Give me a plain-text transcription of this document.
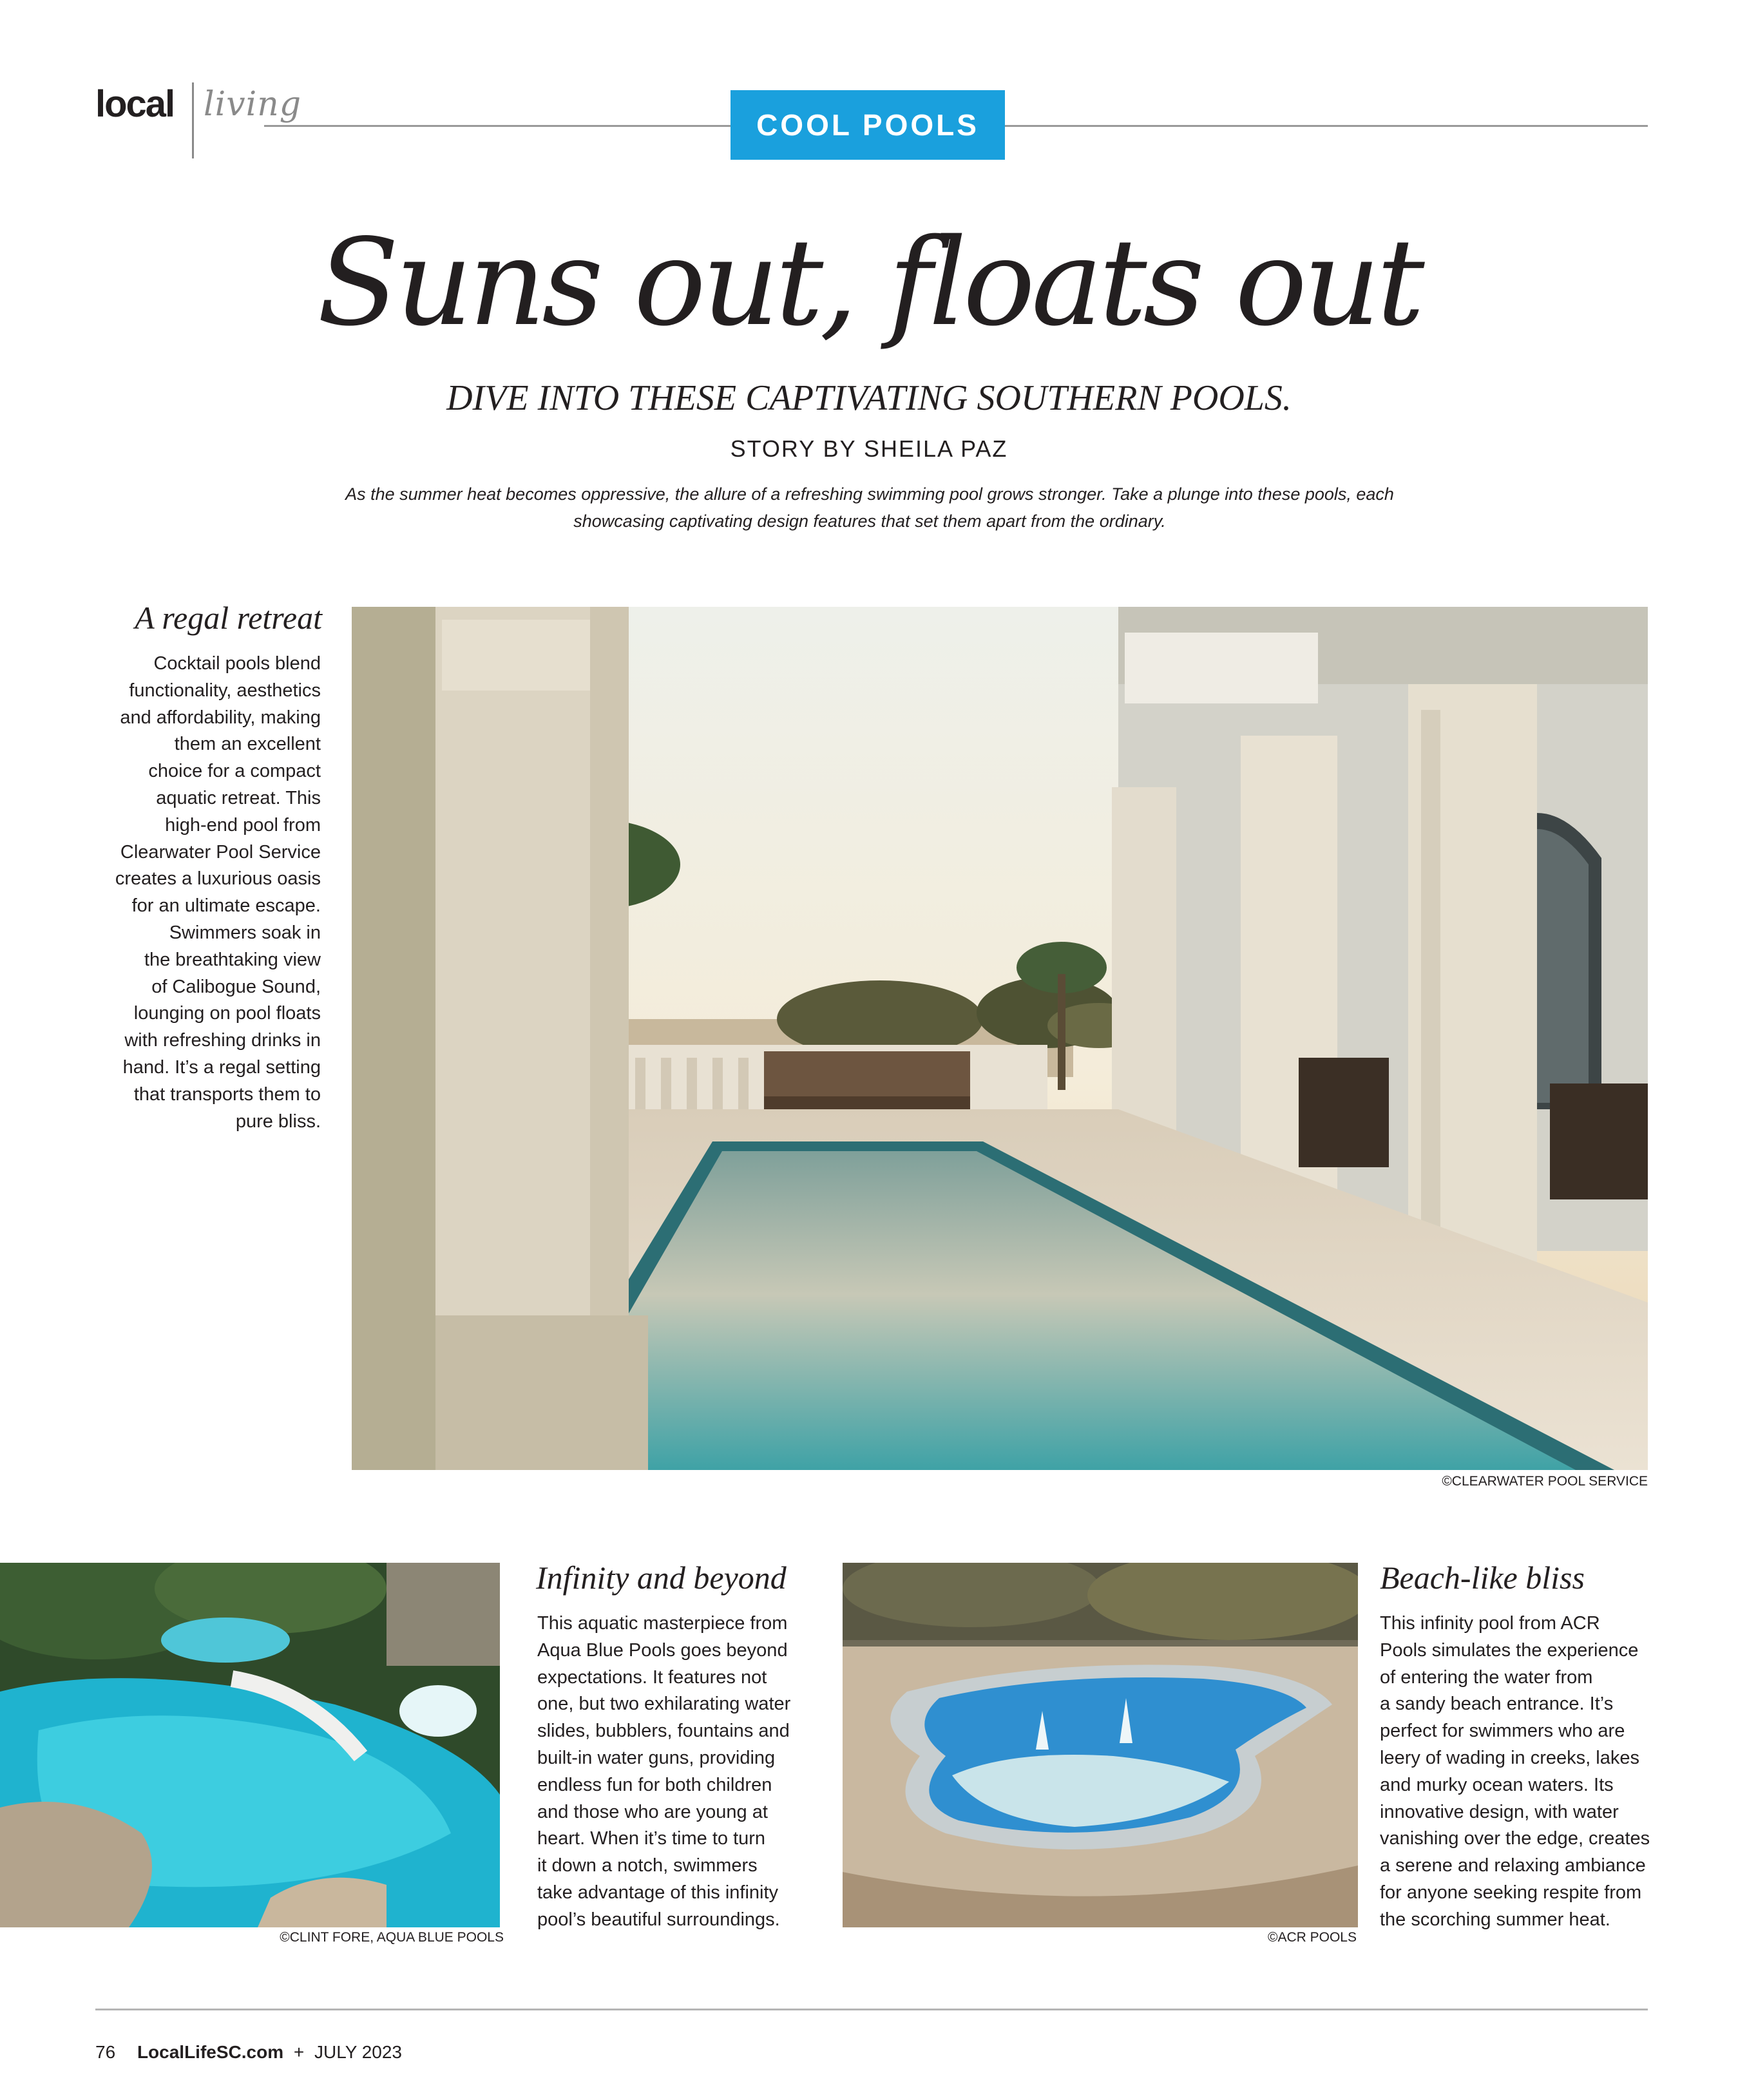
local living
COOL POOLS
Suns out, floats out
DIVE INTO THESE CAPTIVATING SOUTHERN POOLS.
STORY BY SHEILA PAZ
As the summer heat becomes oppressive, the allure of a refreshing swimming pool grows stronger. Take a plunge into these pools, each showcasing captivating design features that set them apart from the ordinary.
A regal retreat
Cocktail pools blend
functionality, aesthetics
and affordability, making
them an excellent
choice for a compact
aquatic retreat. This
high-end pool from
Clearwater Pool Service
creates a luxurious oasis
for an ultimate escape.
Swimmers soak in
the breathtaking view
of Calibogue Sound,
lounging on pool floats
with refreshing drinks in
hand. It’s a regal setting
that transports them to
pure bliss.
©CLEARWATER POOL SERVICE
©CLINT FORE, AQUA BLUE POOLS
Infinity and beyond
This aquatic masterpiece from
Aqua Blue Pools goes beyond
expectations. It features not
one, but two exhilarating water
slides, bubblers, fountains and
built-in water guns, providing
endless fun for both children
and those who are young at
heart. When it’s time to turn
it down a notch, swimmers
take advantage of this infinity
pool’s beautiful surroundings.
©ACR POOLS
Beach-like bliss
This infinity pool from ACR
Pools simulates the experience
of entering the water from
a sandy beach entrance. It’s
perfect for swimmers who are
leery of wading in creeks, lakes
and murky ocean waters. Its
innovative design, with water
vanishing over the edge, creates
a serene and relaxing ambiance
for anyone seeking respite from
the scorching summer heat.
76 LocalLifeSC.com + JULY 2023
